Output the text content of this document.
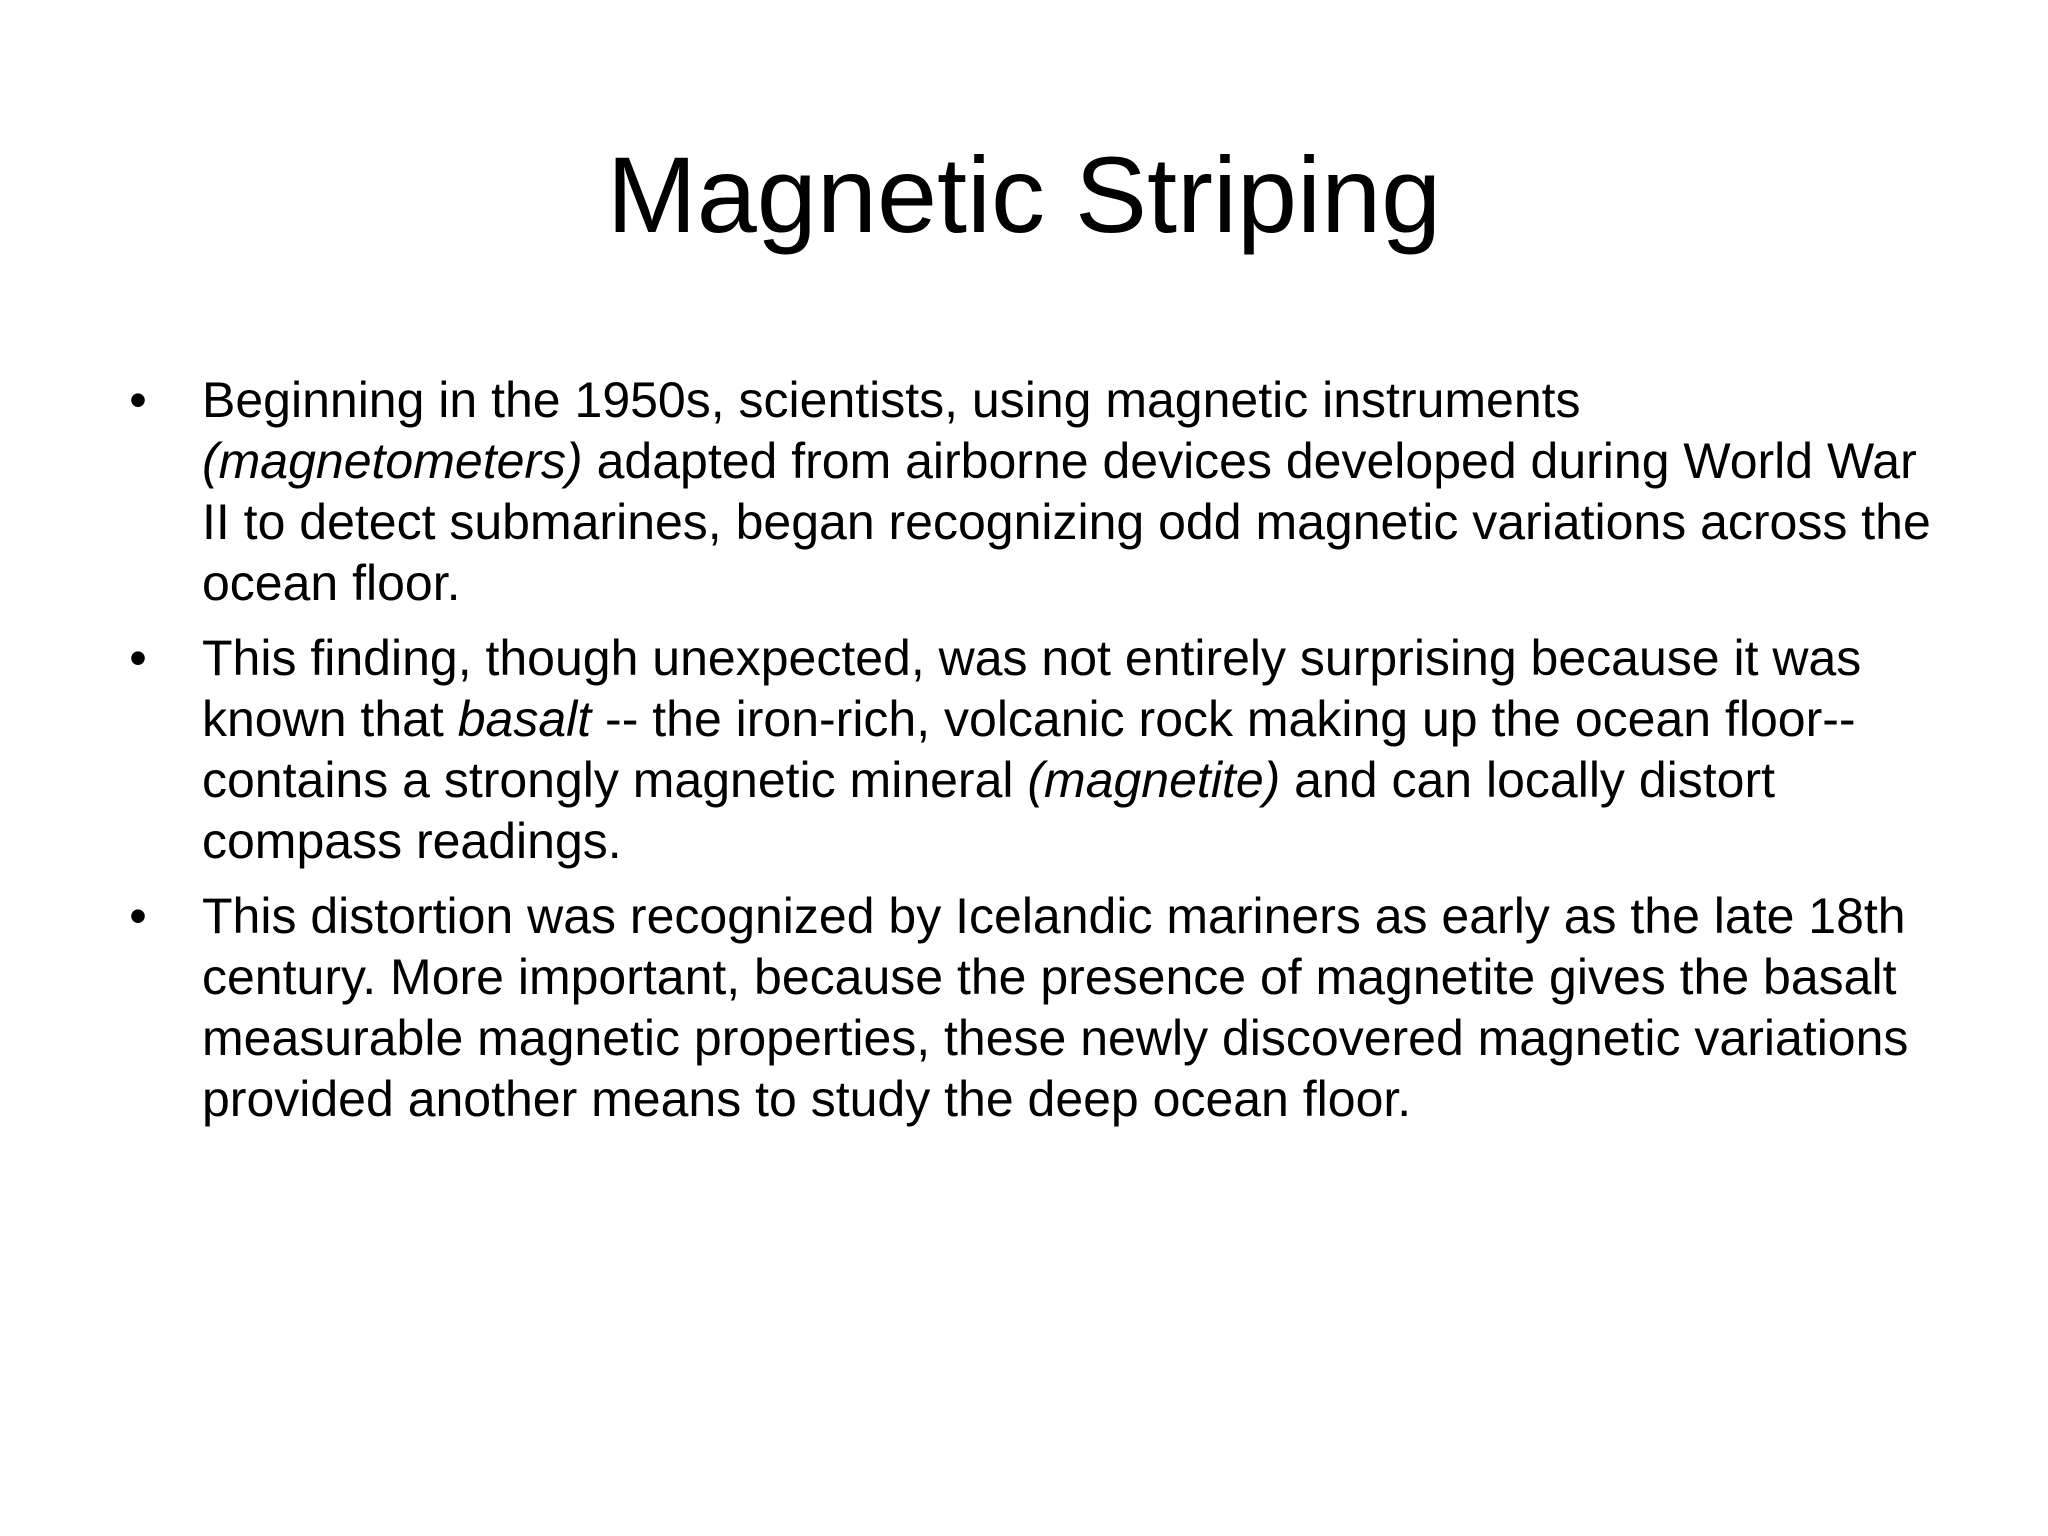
Magnetic Striping
• Beginning in the 1950s, scientists, using magnetic instruments (magnetometers) adapted from airborne devices developed during World War II to detect submarines, began recognizing odd magnetic variations across the ocean floor.
• This finding, though unexpected, was not entirely surprising because it was known that basalt -- the iron-rich, volcanic rock making up the ocean floor-- contains a strongly magnetic mineral (magnetite) and can locally distort compass readings.
• This distortion was recognized by Icelandic mariners as early as the late 18th century. More important, because the presence of magnetite gives the basalt measurable magnetic properties, these newly discovered magnetic variations provided another means to study the deep ocean floor.
